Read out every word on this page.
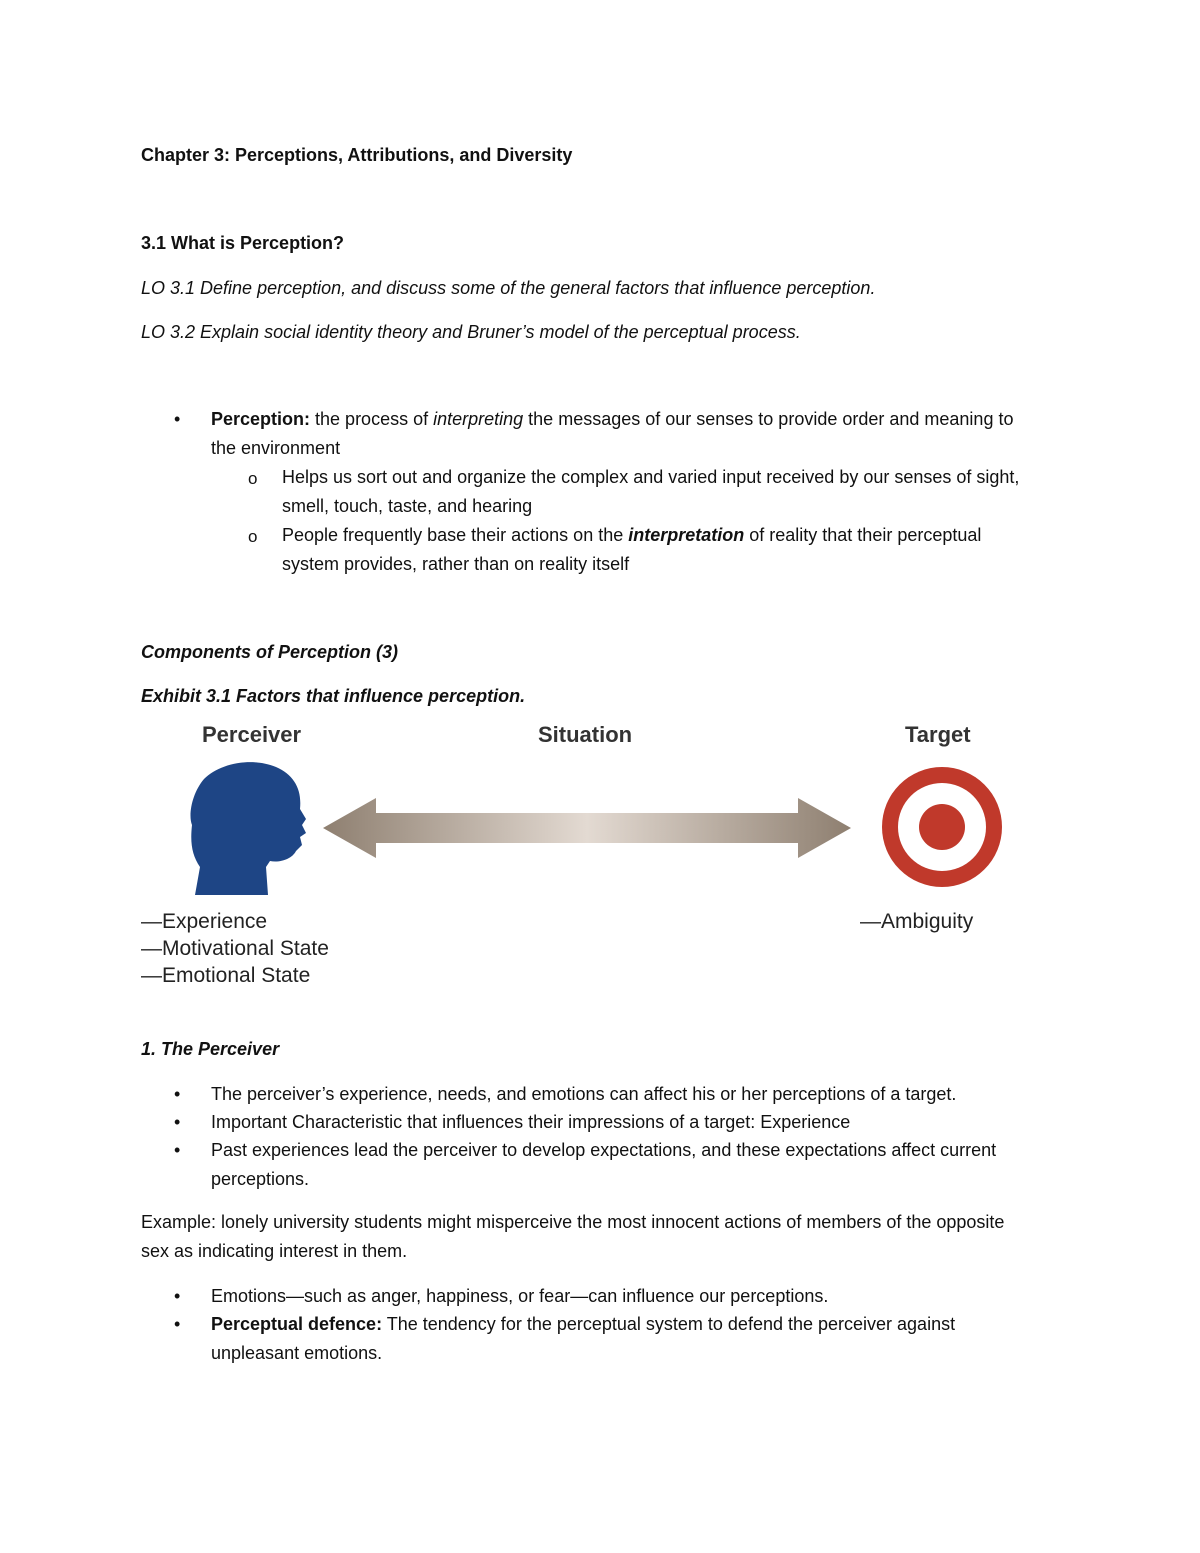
Chapter 3: Perceptions, Attributions, and Diversity
3.1 What is Perception?
LO 3.1 Define perception, and discuss some of the general factors that influence perception.
LO 3.2 Explain social identity theory and Bruner’s model of the perceptual process.
• Perception: the process of interpreting the messages of our senses to provide order and meaning to the environment
o Helps us sort out and organize the complex and varied input received by our senses of sight, smell, touch, taste, and hearing
o People frequently base their actions on the interpretation of reality that their perceptual system provides, rather than on reality itself
Components of Perception (3)
Exhibit 3.1 Factors that influence perception.
Perceiver	Situation	Target
—Experience
—Motivational State
—Emotional State
—Ambiguity
1. The Perceiver
• The perceiver’s experience, needs, and emotions can affect his or her perceptions of a target.
• Important Characteristic that influences their impressions of a target: Experience
• Past experiences lead the perceiver to develop expectations, and these expectations affect current perceptions.
Example: lonely university students might misperceive the most innocent actions of members of the opposite sex as indicating interest in them.
• Emotions—such as anger, happiness, or fear—can influence our perceptions.
• Perceptual defence: The tendency for the perceptual system to defend the perceiver against unpleasant emotions.
